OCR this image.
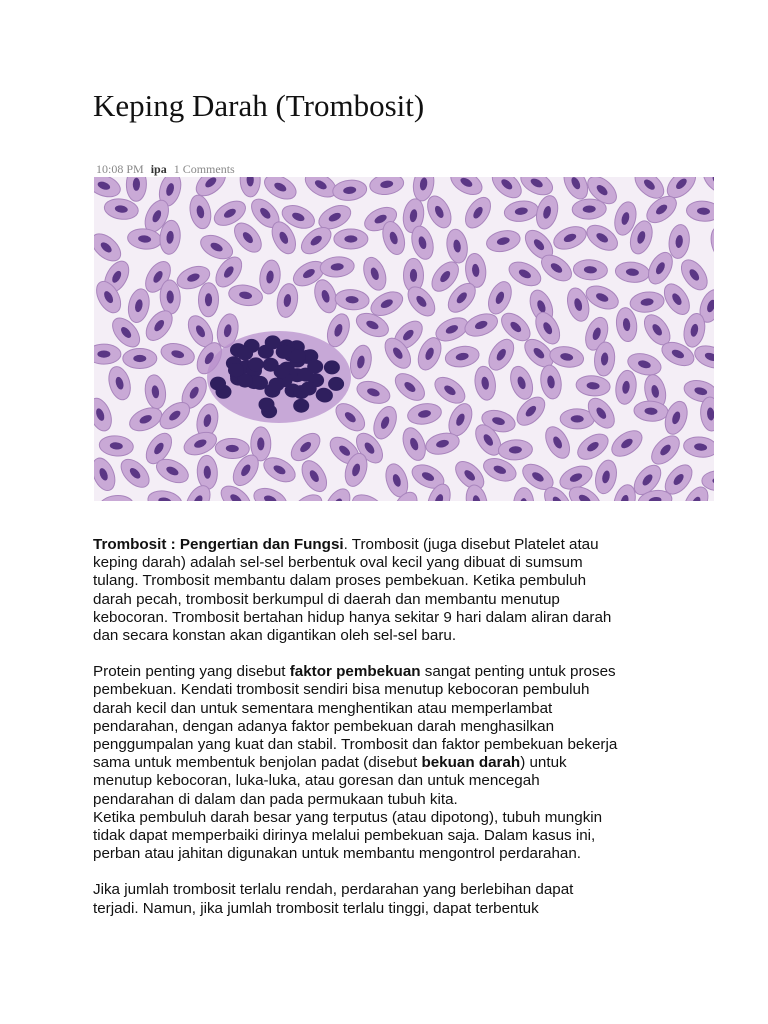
Keping Darah (Trombosit)
10:08 PM ipa 1 Comments

Trombosit : Pengertian dan Fungsi. Trombosit (juga disebut Platelet atau
keping darah) adalah sel-sel berbentuk oval kecil yang dibuat di sumsum
tulang. Trombosit membantu dalam proses pembekuan. Ketika pembuluh
darah pecah, trombosit berkumpul di daerah dan membantu menutup
kebocoran. Trombosit bertahan hidup hanya sekitar 9 hari dalam aliran darah
dan secara konstan akan digantikan oleh sel-sel baru.

Protein penting yang disebut faktor pembekuan sangat penting untuk proses
pembekuan. Kendati trombosit sendiri bisa menutup kebocoran pembuluh
darah kecil dan untuk sementara menghentikan atau memperlambat
pendarahan, dengan adanya faktor pembekuan darah menghasilkan
penggumpalan yang kuat dan stabil. Trombosit dan faktor pembekuan bekerja
sama untuk membentuk benjolan padat (disebut bekuan darah) untuk
menutup kebocoran, luka-luka, atau goresan dan untuk mencegah
pendarahan di dalam dan pada permukaan tubuh kita.
Ketika pembuluh darah besar yang terputus (atau dipotong), tubuh mungkin
tidak dapat memperbaiki dirinya melalui pembekuan saja. Dalam kasus ini,
perban atau jahitan digunakan untuk membantu mengontrol perdarahan.

Jika jumlah trombosit terlalu rendah, perdarahan yang berlebihan dapat
terjadi. Namun, jika jumlah trombosit terlalu tinggi, dapat terbentuk
